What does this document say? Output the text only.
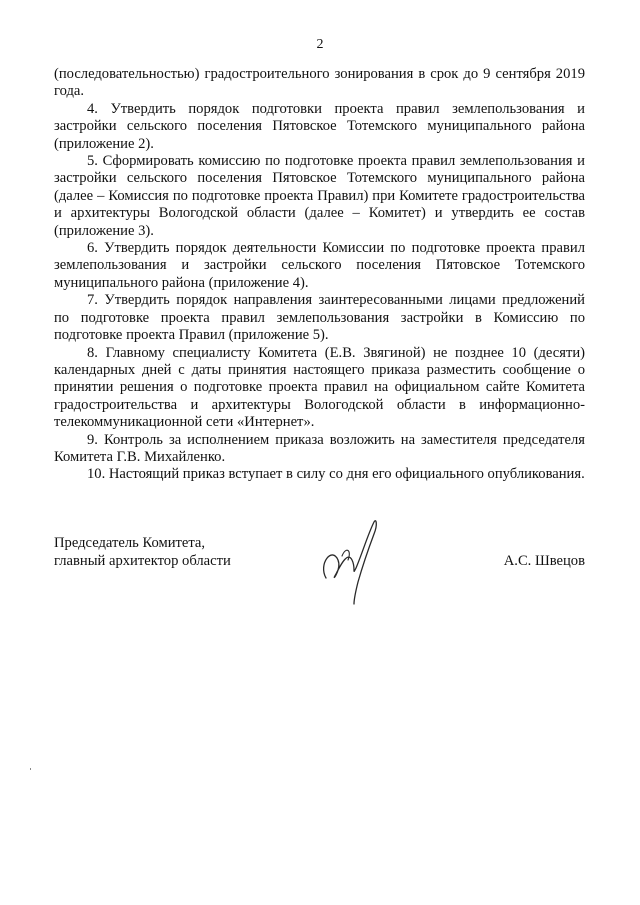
2

(последовательностью) градостроительного зонирования в срок до 9 сентября 2019 года.

4. Утвердить порядок подготовки проекта правил землепользования и застройки сельского поселения Пятовское Тотемского муниципального района (приложение 2).

5. Сформировать комиссию по подготовке проекта правил землепользования и застройки сельского поселения Пятовское Тотемского муниципального района (далее – Комиссия по подготовке проекта Правил) при Комитете градостроительства и архитектуры Вологодской области (далее – Комитет) и утвердить ее состав (приложение 3).

6. Утвердить порядок деятельности Комиссии по подготовке проекта правил землепользования и застройки сельского поселения Пятовское Тотемского муниципального района (приложение 4).

7. Утвердить порядок направления заинтересованными лицами предложений по подготовке проекта правил землепользования застройки в Комиссию по подготовке проекта Правил (приложение 5).

8. Главному специалисту Комитета (Е.В. Звягиной) не позднее 10 (десяти) календарных дней с даты принятия настоящего приказа разместить сообщение о принятии решения о подготовке проекта правил на официальном сайте Комитета градостроительства и архитектуры Вологодской области в информационно-телекоммуникационной сети «Интернет».

9. Контроль за исполнением приказа возложить на заместителя председателя Комитета Г.В. Михайленко.

10. Настоящий приказ вступает в силу со дня его официального опубликования.

Председатель Комитета,
главный архитектор области	А.С. Швецов
